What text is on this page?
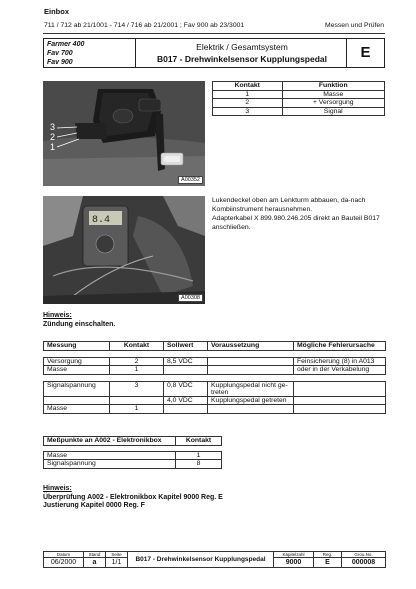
Einbox
711 / 712 ab 21/1001 - 714 / 716 ab 21/2001 ; Fav 900 ab 23/3001	Messen und Prüfen
Farmer 400
Fav 700
Fav 900
Elektrik / Gesamtsystem
B017 - Drehwinkelsensor Kupplungspedal	E
3
2
1
A00352
Kontakt	Funktion
1	Masse
2	+ Versorgung
3	Signal
8.4
A00308

Lukendeckel oben am Lenkturm abbauen, da-nach Kombiinstrument herausnehmen.

Adapterkabel X 899.980.246.205 direkt an Bauteil B017 anschließen.

Hinweis:
Zündung einschalten.
Messung	Kontakt	Sollwert	Voraussetzung	Mögliche Fehlerursache

Versorgung	2	8,5 VDC		Feinsicherung (8) in A013
Masse	1			oder in der Verkabelung

Signalspannung	3	0,8 VDC	Kupplungspedal nicht ge-treten	
		4,0 VDC	Kupplungspedal getreten	
Masse	1			
Meßpunkte an A002 - Elektronikbox	Kontakt

Masse	1
Signalspannung	8
Hinweis:
Überprüfung A002 - Elektronikbox Kapitel 9000 Reg. E
Justierung Kapitel 0000 Reg. F
Datum	Stand	Seite	B017 - Drehwinkelsensor Kupplungspedal	Kapitelzahl	Reg.	Grou.No.
06/2000	a	1/1		9000	E	000008
